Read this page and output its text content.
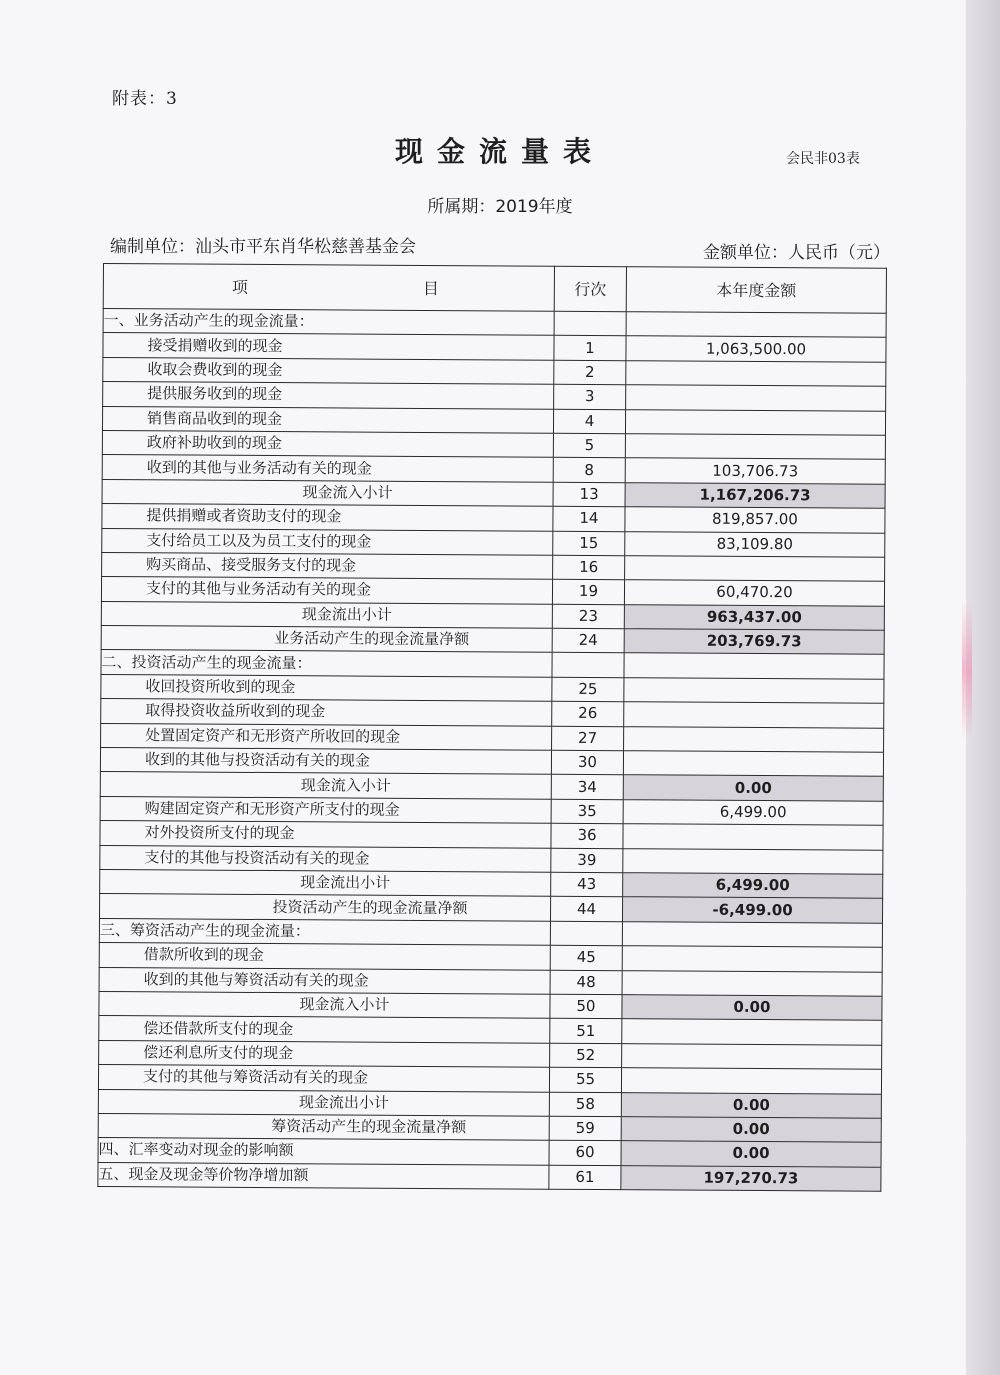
附表：3
现金流量表	会民非03表
所属期：2019年度
编制单位：汕头市平东肖华松慈善基金会	金额单位：人民币（元）
项 目	行次	本年度金额
一、业务活动产生的现金流量：		
接受捐赠收到的现金	1	1,063,500.00
收取会费收到的现金	2	
提供服务收到的现金	3	
销售商品收到的现金	4	
政府补助收到的现金	5	
收到的其他与业务活动有关的现金	8	103,706.73
现金流入小计	13	1,167,206.73
提供捐赠或者资助支付的现金	14	819,857.00
支付给员工以及为员工支付的现金	15	83,109.80
购买商品、接受服务支付的现金	16	
支付的其他与业务活动有关的现金	19	60,470.20
现金流出小计	23	963,437.00
业务活动产生的现金流量净额	24	203,769.73
二、投资活动产生的现金流量：		
收回投资所收到的现金	25	
取得投资收益所收到的现金	26	
处置固定资产和无形资产所收回的现金	27	
收到的其他与投资活动有关的现金	30	
现金流入小计	34	0.00
购建固定资产和无形资产所支付的现金	35	6,499.00
对外投资所支付的现金	36	
支付的其他与投资活动有关的现金	39	
现金流出小计	43	6,499.00
投资活动产生的现金流量净额	44	-6,499.00
三、筹资活动产生的现金流量：		
借款所收到的现金	45	
收到的其他与筹资活动有关的现金	48	
现金流入小计	50	0.00
偿还借款所支付的现金	51	
偿还利息所支付的现金	52	
支付的其他与筹资活动有关的现金	55	
现金流出小计	58	0.00
筹资活动产生的现金流量净额	59	0.00
四、汇率变动对现金的影响额	60	0.00
五、现金及现金等价物净增加额	61	197,270.73
